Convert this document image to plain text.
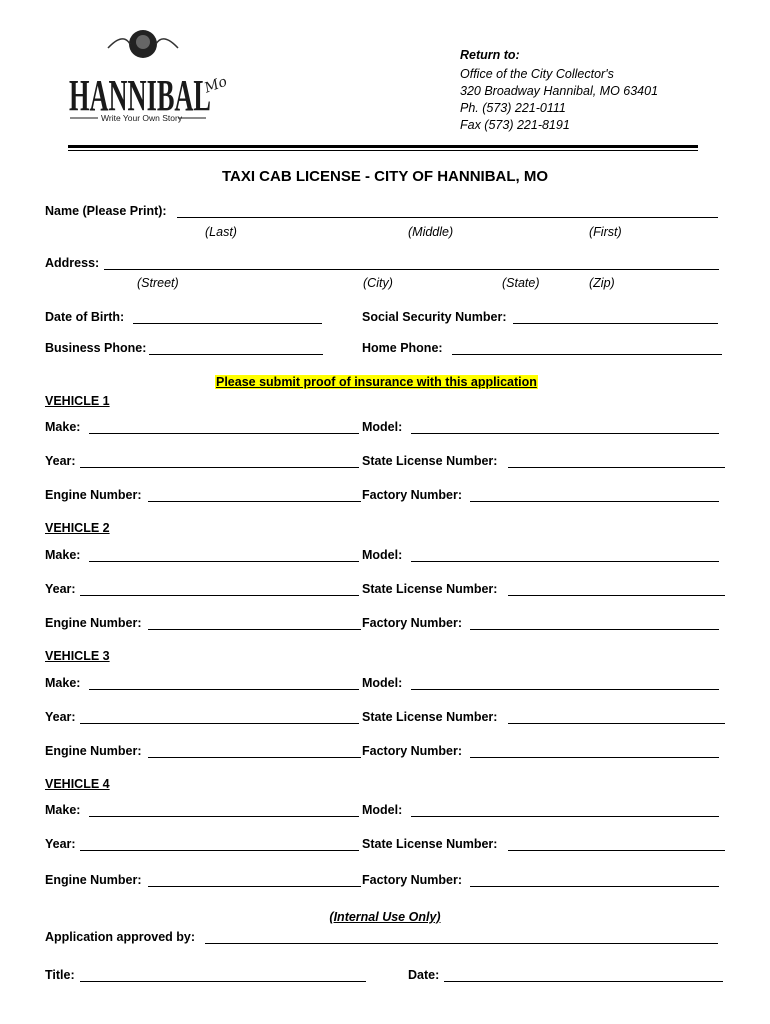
HANNIBAL
Mo
Write Your Own Story
Return to:
Office of the City Collector's
320 Broadway Hannibal, MO 63401
Ph. (573) 221-0111
Fax (573) 221-8191
TAXI CAB LICENSE - CITY OF HANNIBAL, MO
Name (Please Print):
(Last)	(Middle)	(First)
Address:
(Street)	(City)	(State)	(Zip)
Date of Birth:	Social Security Number:
Business Phone:	Home Phone:
Please submit proof of insurance with this application
VEHICLE 1
Make:	Model:
Year:	State License Number:
Engine Number:	Factory Number:
VEHICLE 2
Make:	Model:
Year:	State License Number:
Engine Number:	Factory Number:
VEHICLE 3
Make:	Model:
Year:	State License Number:
Engine Number:	Factory Number:
VEHICLE 4
Make:	Model:
Year:	State License Number:
Engine Number:	Factory Number:
(Internal Use Only)
Application approved by:
Title:	Date:
